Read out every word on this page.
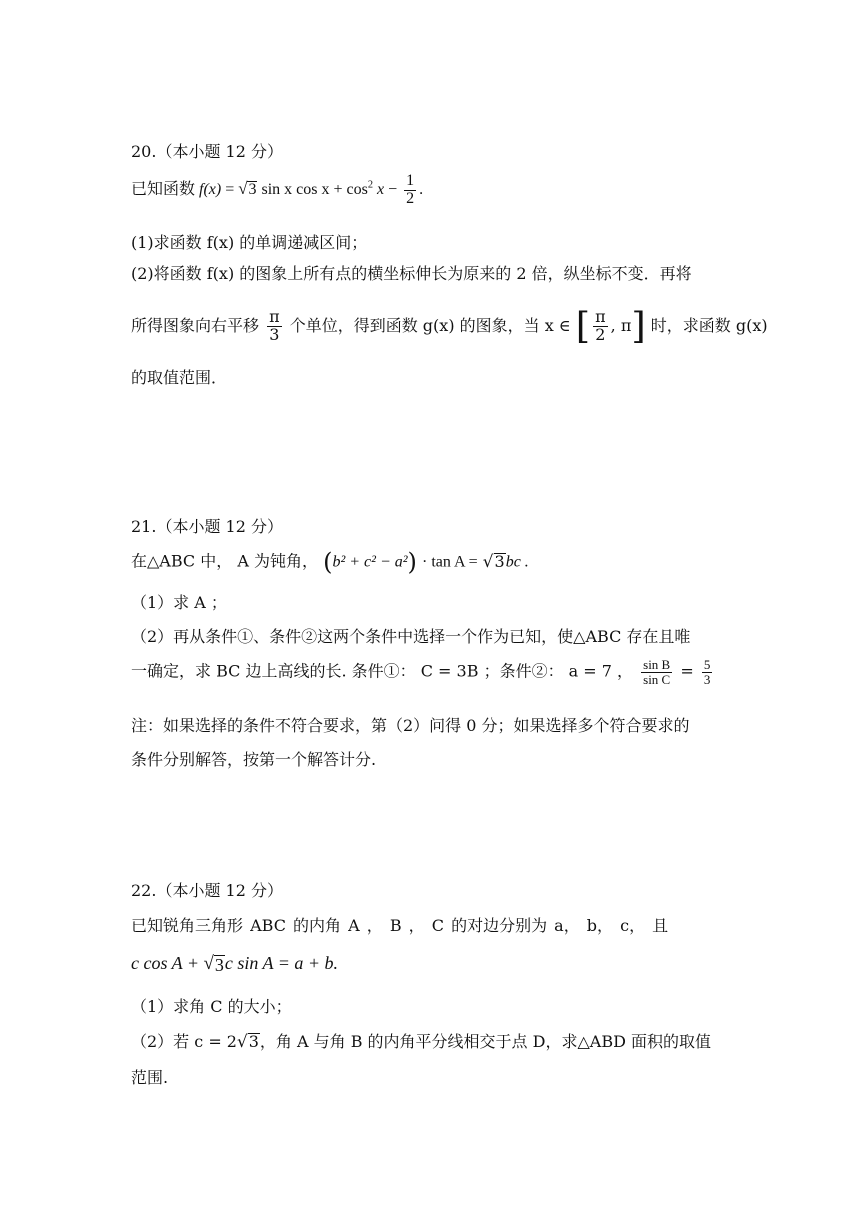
20.（本小题 12 分）
已知函数 f(x) = √ 3 sin x $\cos x + \cos^2 x - \frac{1}{2}$ .
(1)求函数 f(x) 的单调递减区间；
(2)将函数 f(x) 的图象上所有点的横坐标伸长为原来的 2 倍，纵坐标不变．再将
所得图象向右平移 $\frac{\pi}{3}$ 个单位，得到函数 g(x) 的图象，当 x ∈ [ $\frac{\pi}{2}$ , π] 时，求函数 g(x)
的取值范围．
21.（本小题 12 分）
在△ABC 中， A 为钝角， (b² + c² − a²) · tan A = √ 3 bc .
（1）求 A ；
（2）再从条件①、条件②这两个条件中选择一个作为已知，使△ABC 存在且唯
一确定，求 BC 边上高线的长. 条件①： C = 3B ；条件②： a = 7 ， $\frac{\text{sin B}}{\text{sin C}} = \frac{5}{3}$
注：如果选择的条件不符合要求，第（2）问得 0 分；如果选择多个符合要求的
条件分别解答，按第一个解答计分.
22.（本小题 12 分）
已知锐角三角形 ABC 的内角 A ， B ， C 的对边分别为 a， b， c， 且
c cos A + √ 3 c sin A = a + b.
（1）求角 C 的大小；
（2）若 c = 2 √ 3 ，角 A 与角 B 的内角平分线相交于点 D，求△ABD 面积的取值
范围.
